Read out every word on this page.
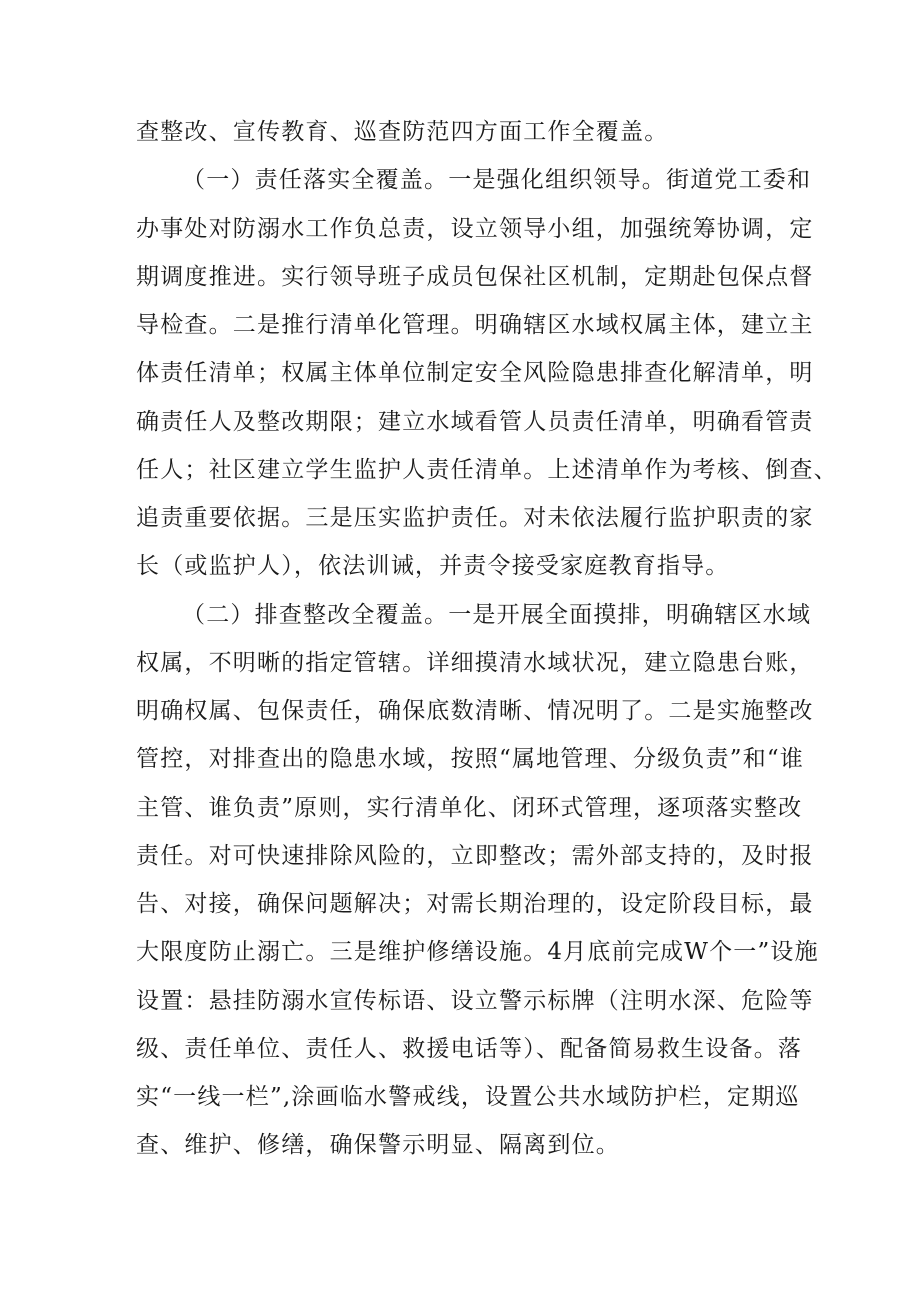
查整改、宣传教育、巡查防范四方面工作全覆盖。
（一）责任落实全覆盖。一是强化组织领导。街道党工委和
办事处对防溺水工作负总责，设立领导小组，加强统筹协调，定
期调度推进。实行领导班子成员包保社区机制，定期赴包保点督
导检查。二是推行清单化管理。明确辖区水域权属主体，建立主
体责任清单；权属主体单位制定安全风险隐患排查化解清单，明
确责任人及整改期限；建立水域看管人员责任清单，明确看管责
任人；社区建立学生监护人责任清单。上述清单作为考核、倒查、
追责重要依据。三是压实监护责任。对未依法履行监护职责的家
长（或监护人），依法训诫，并责令接受家庭教育指导。
（二）排查整改全覆盖。一是开展全面摸排，明确辖区水域
权属，不明晰的指定管辖。详细摸清水域状况，建立隐患台账，
明确权属、包保责任，确保底数清晰、情况明了。二是实施整改
管控，对排查出的隐患水域，按照“属地管理、分级负责”和“谁
主管、谁负责”原则，实行清单化、闭环式管理，逐项落实整改
责任。对可快速排除风险的，立即整改；需外部支持的，及时报
告、对接，确保问题解决；对需长期治理的，设定阶段目标，最
大限度防止溺亡。三是维护修缮设施。4月底前完成W个一”设施
设置：悬挂防溺水宣传标语、设立警示标牌（注明水深、危险等
级、责任单位、责任人、救援电话等）、配备简易救生设备。落
实“一线一栏”,涂画临水警戒线，设置公共水域防护栏，定期巡
查、维护、修缮，确保警示明显、隔离到位。
